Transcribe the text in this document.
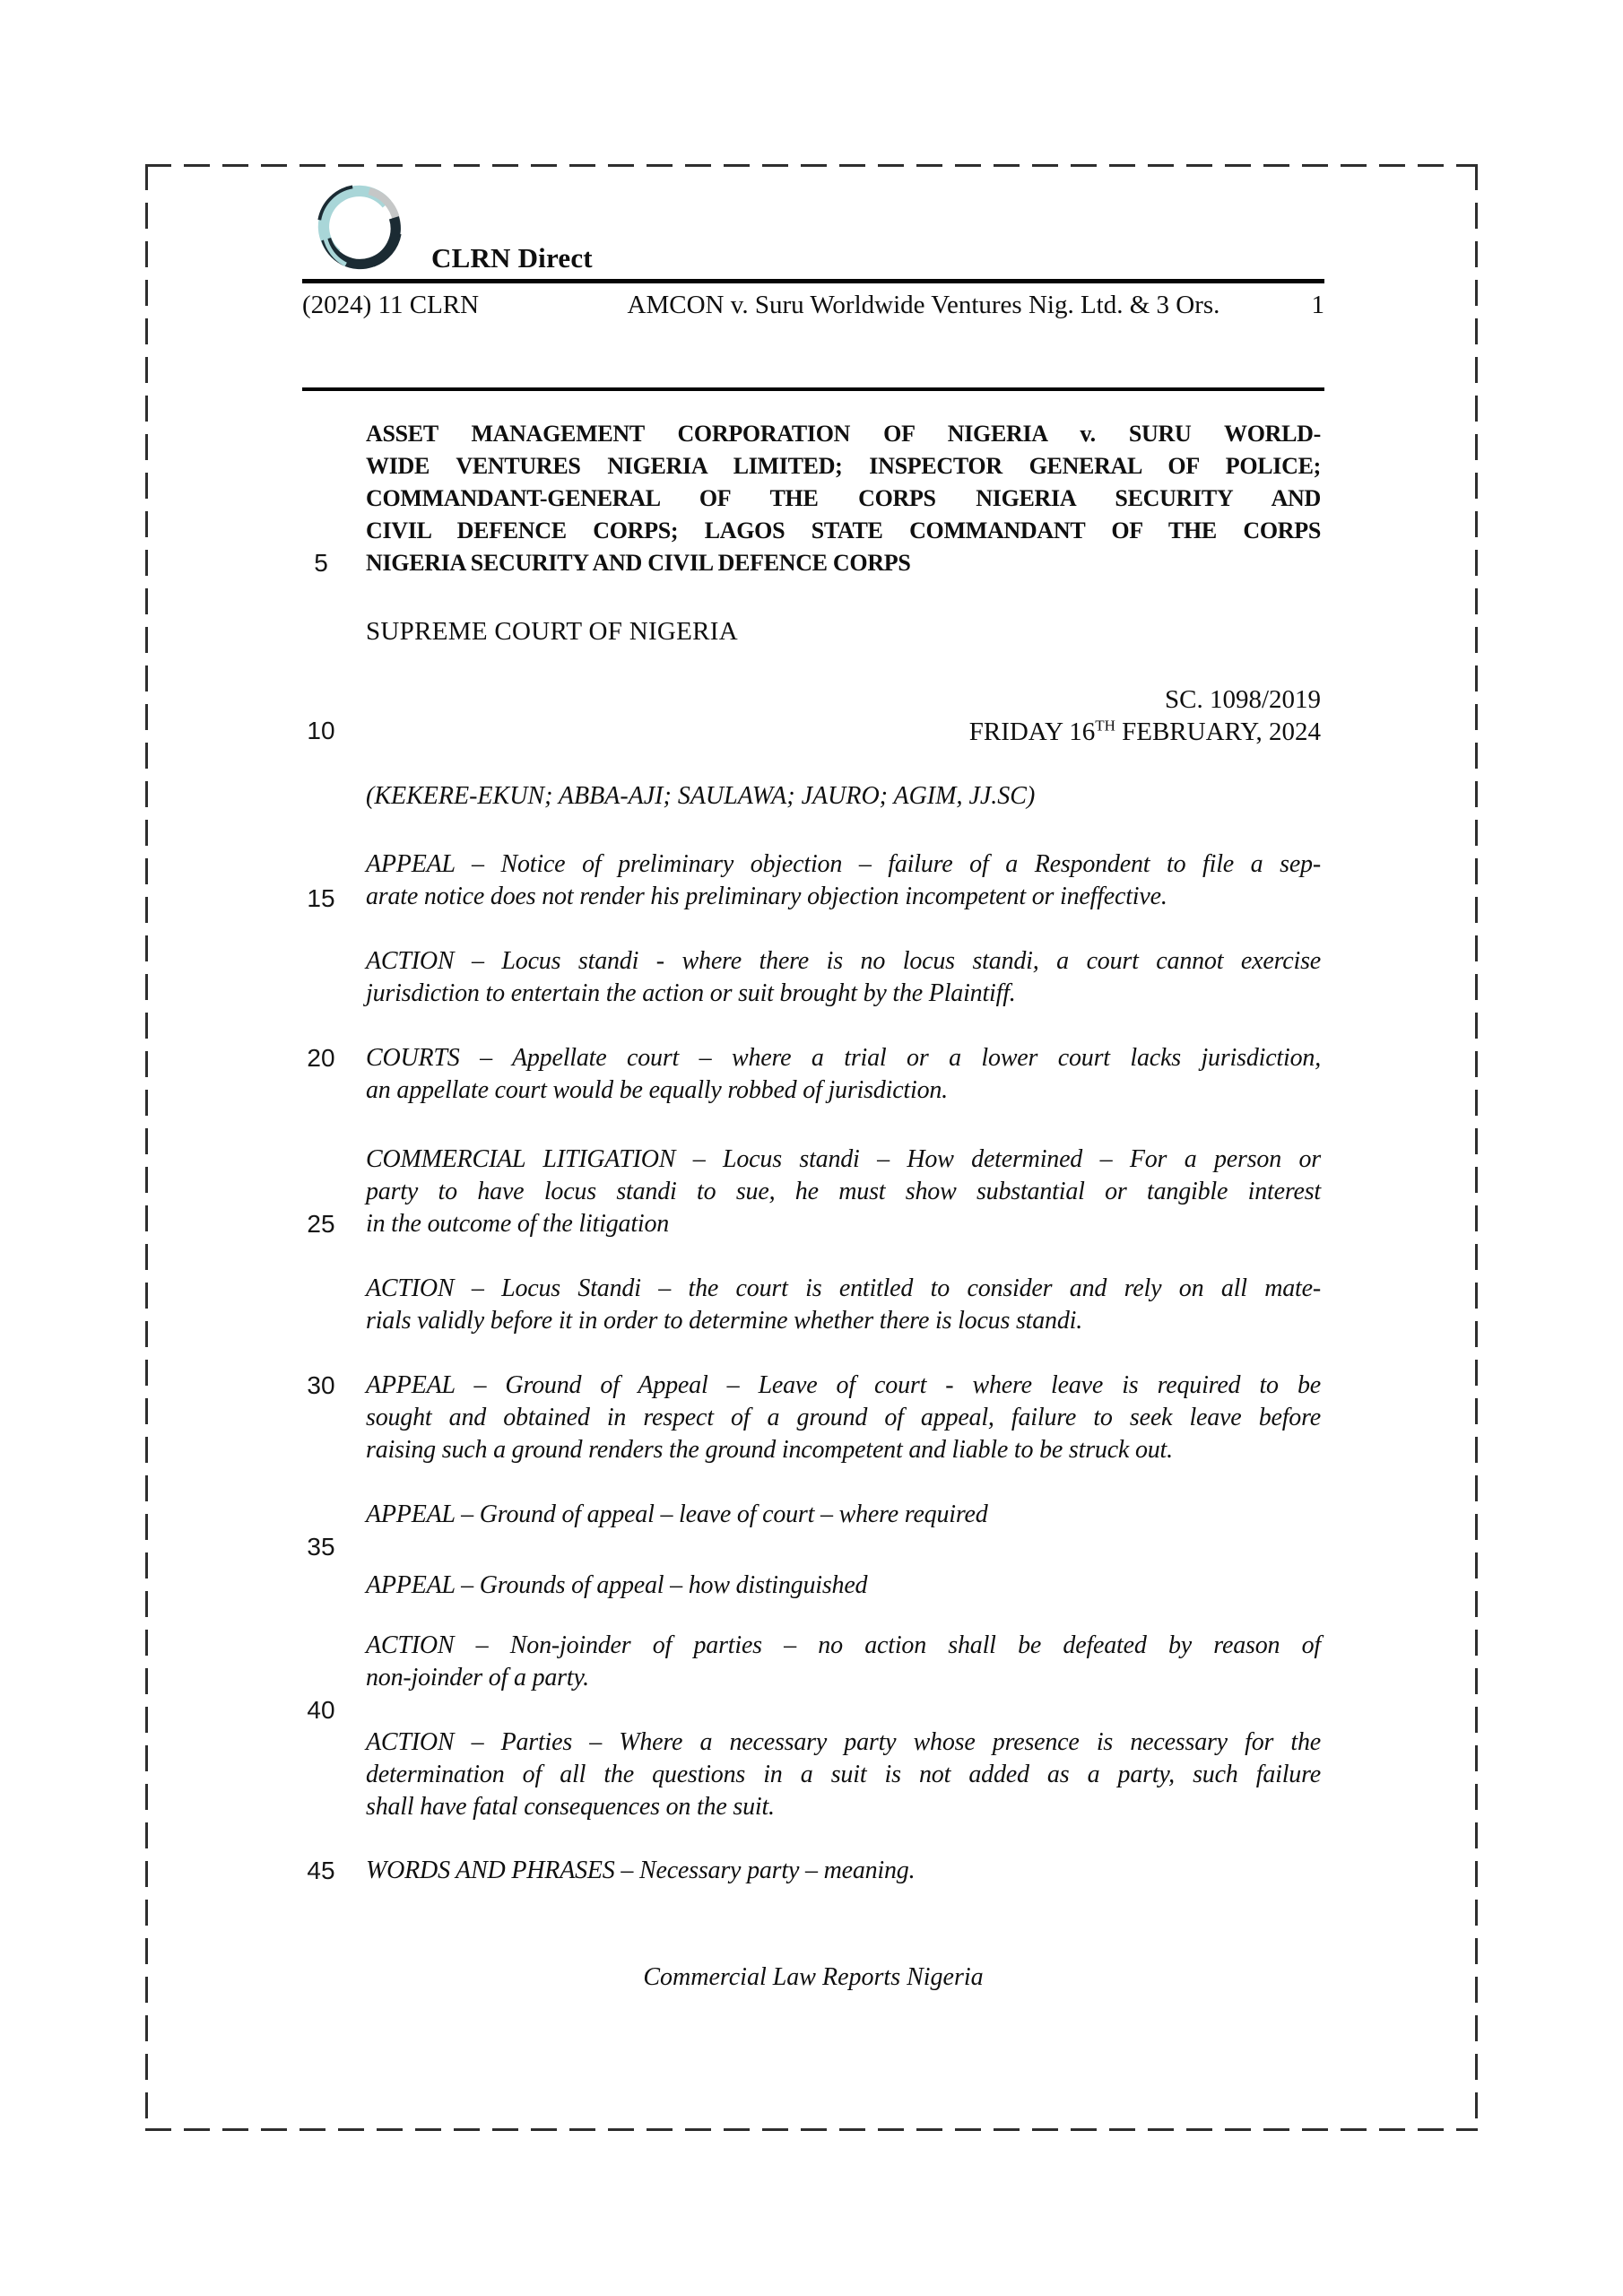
CLRN Direct
(2024) 11 CLRN	AMCON v. Suru Worldwide Ventures Nig. Ltd. & 3 Ors.	1
ASSET MANAGEMENT CORPORATION OF NIGERIA v. SURU WORLD-
WIDE VENTURES NIGERIA LIMITED; INSPECTOR GENERAL OF POLICE;
COMMANDANT-GENERAL OF THE CORPS NIGERIA SECURITY AND
CIVIL DEFENCE CORPS; LAGOS STATE COMMANDANT OF THE CORPS
NIGERIA SECURITY AND CIVIL DEFENCE CORPS
SUPREME COURT OF NIGERIA
SC. 1098/2019
FRIDAY 16TH FEBRUARY, 2024
(KEKERE-EKUN; ABBA-AJI; SAULAWA; JAURO; AGIM, JJ.SC)
5
10
15
20
25
30
35
40
45
APPEAL – Notice of preliminary objection – failure of a Respondent to file a sep-
arate notice does not render his preliminary objection incompetent or ineffective.
ACTION – Locus standi - where there is no locus standi, a court cannot exercise
jurisdiction to entertain the action or suit brought by the Plaintiff.
COURTS – Appellate court – where a trial or a lower court lacks jurisdiction,
an appellate court would be equally robbed of jurisdiction.
COMMERCIAL LITIGATION – Locus standi – How determined – For a person or
party to have locus standi to sue, he must show substantial or tangible interest
in the outcome of the litigation
ACTION – Locus Standi – the court is entitled to consider and rely on all mate-
rials validly before it in order to determine whether there is locus standi.
APPEAL – Ground of Appeal – Leave of court - where leave is required to be
sought and obtained in respect of a ground of appeal, failure to seek leave before
raising such a ground renders the ground incompetent and liable to be struck out.
APPEAL – Ground of appeal – leave of court – where required
APPEAL – Grounds of appeal – how distinguished
ACTION – Non-joinder of parties – no action shall be defeated by reason of
non-joinder of a party.
ACTION – Parties – Where a necessary party whose presence is necessary for the
determination of all the questions in a suit is not added as a party, such failure
shall have fatal consequences on the suit.
WORDS AND PHRASES – Necessary party – meaning.
Commercial Law Reports Nigeria
